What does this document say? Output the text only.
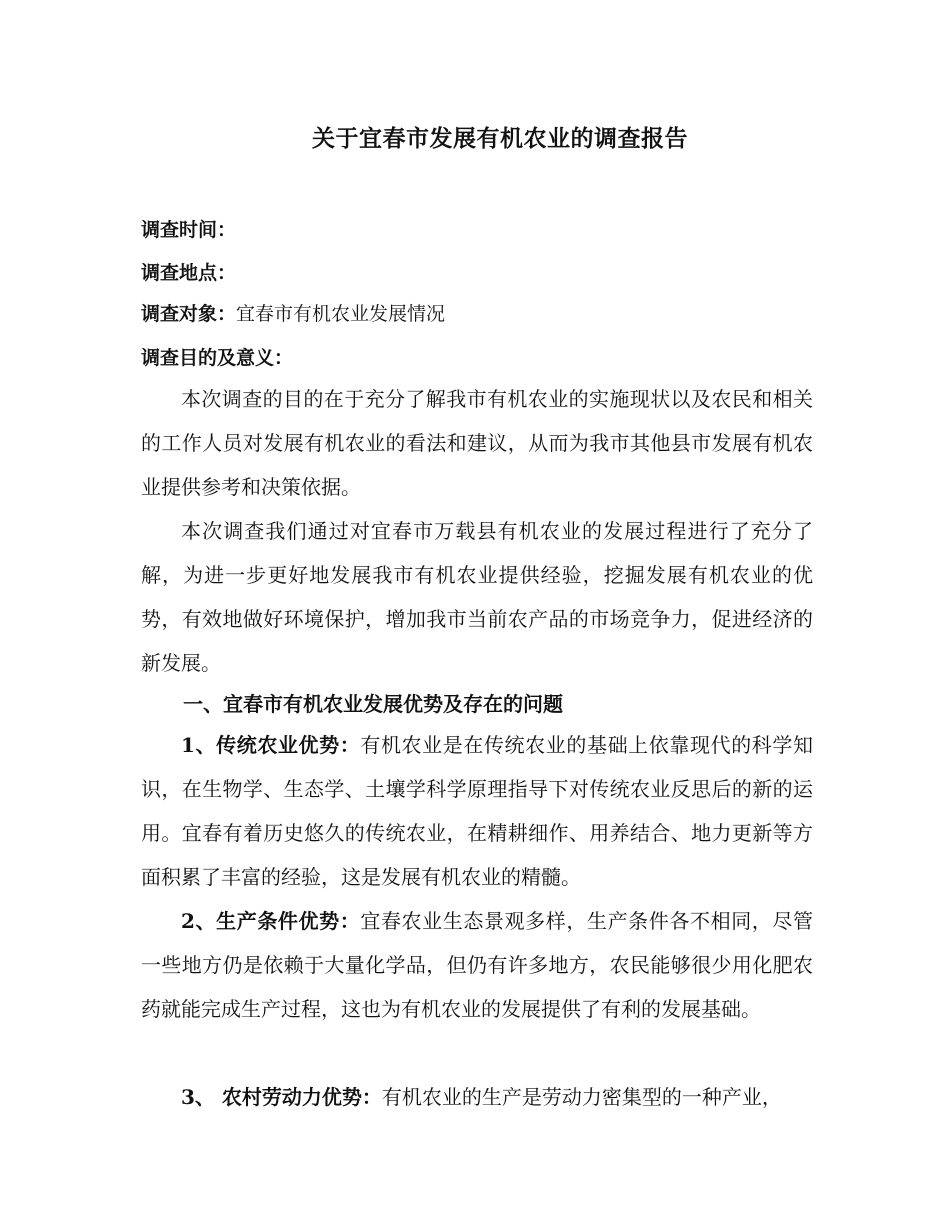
关于宜春市发展有机农业的调查报告
调查时间：
调查地点：
调查对象：宜春市有机农业发展情况
调查目的及意义：
本次调查的目的在于充分了解我市有机农业的实施现状以及农民和相关的工作人员对发展有机农业的看法和建议，从而为我市其他县市发展有机农业提供参考和决策依据。
本次调查我们通过对宜春市万载县有机农业的发展过程进行了充分了解，为进一步更好地发展我市有机农业提供经验，挖掘发展有机农业的优势，有效地做好环境保护，增加我市当前农产品的市场竞争力，促进经济的新发展。
一、宜春市有机农业发展优势及存在的问题
1、传统农业优势：有机农业是在传统农业的基础上依靠现代的科学知识，在生物学、生态学、土壤学科学原理指导下对传统农业反思后的新的运用。宜春有着历史悠久的传统农业，在精耕细作、用养结合、地力更新等方面积累了丰富的经验，这是发展有机农业的精髓。
2、生产条件优势：宜春农业生态景观多样，生产条件各不相同，尽管一些地方仍是依赖于大量化学品，但仍有许多地方，农民能够很少用化肥农药就能完成生产过程，这也为有机农业的发展提供了有利的发展基础。
3、 农村劳动力优势：有机农业的生产是劳动力密集型的一种产业，
